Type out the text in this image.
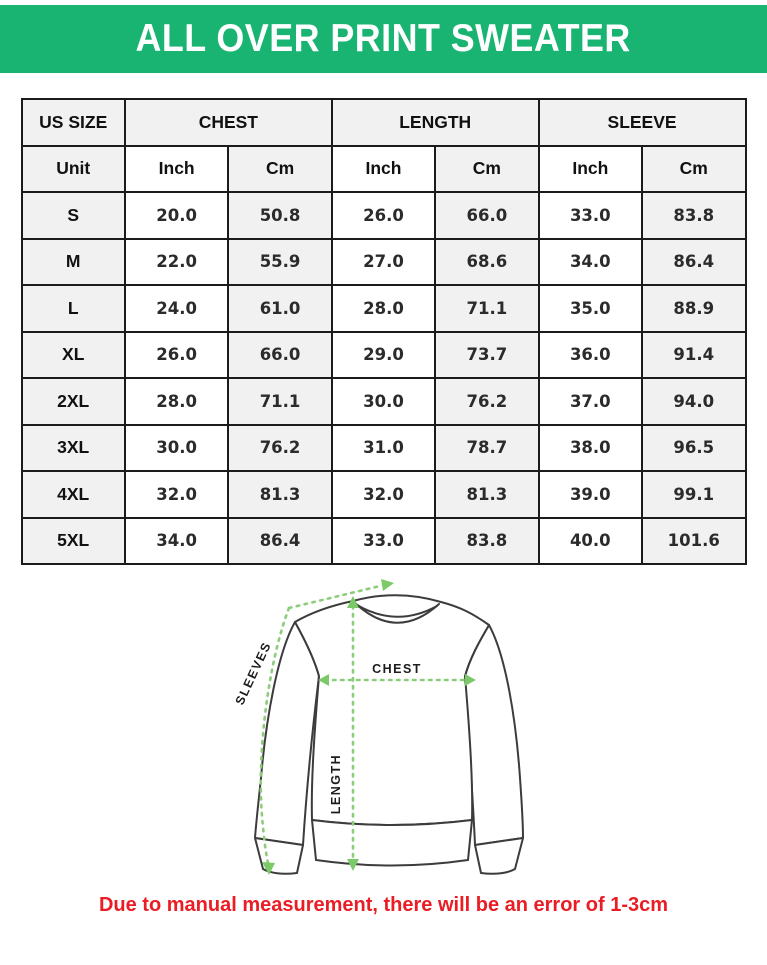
ALL OVER PRINT SWEATER
US SIZE	CHEST		LENGTH		SLEEVE	
Unit	Inch	Cm	Inch	Cm	Inch	Cm
S	20.0	50.8	26.0	66.0	33.0	83.8
M	22.0	55.9	27.0	68.6	34.0	86.4
L	24.0	61.0	28.0	71.1	35.0	88.9
XL	26.0	66.0	29.0	73.7	36.0	91.4
2XL	28.0	71.1	30.0	76.2	37.0	94.0
3XL	30.0	76.2	31.0	78.7	38.0	96.5
4XL	32.0	81.3	32.0	81.3	39.0	99.1
5XL	34.0	86.4	33.0	83.8	40.0	101.6
CHEST
LENGTH
SLEEVES
Due to manual measurement, there will be an error of 1-3cm
